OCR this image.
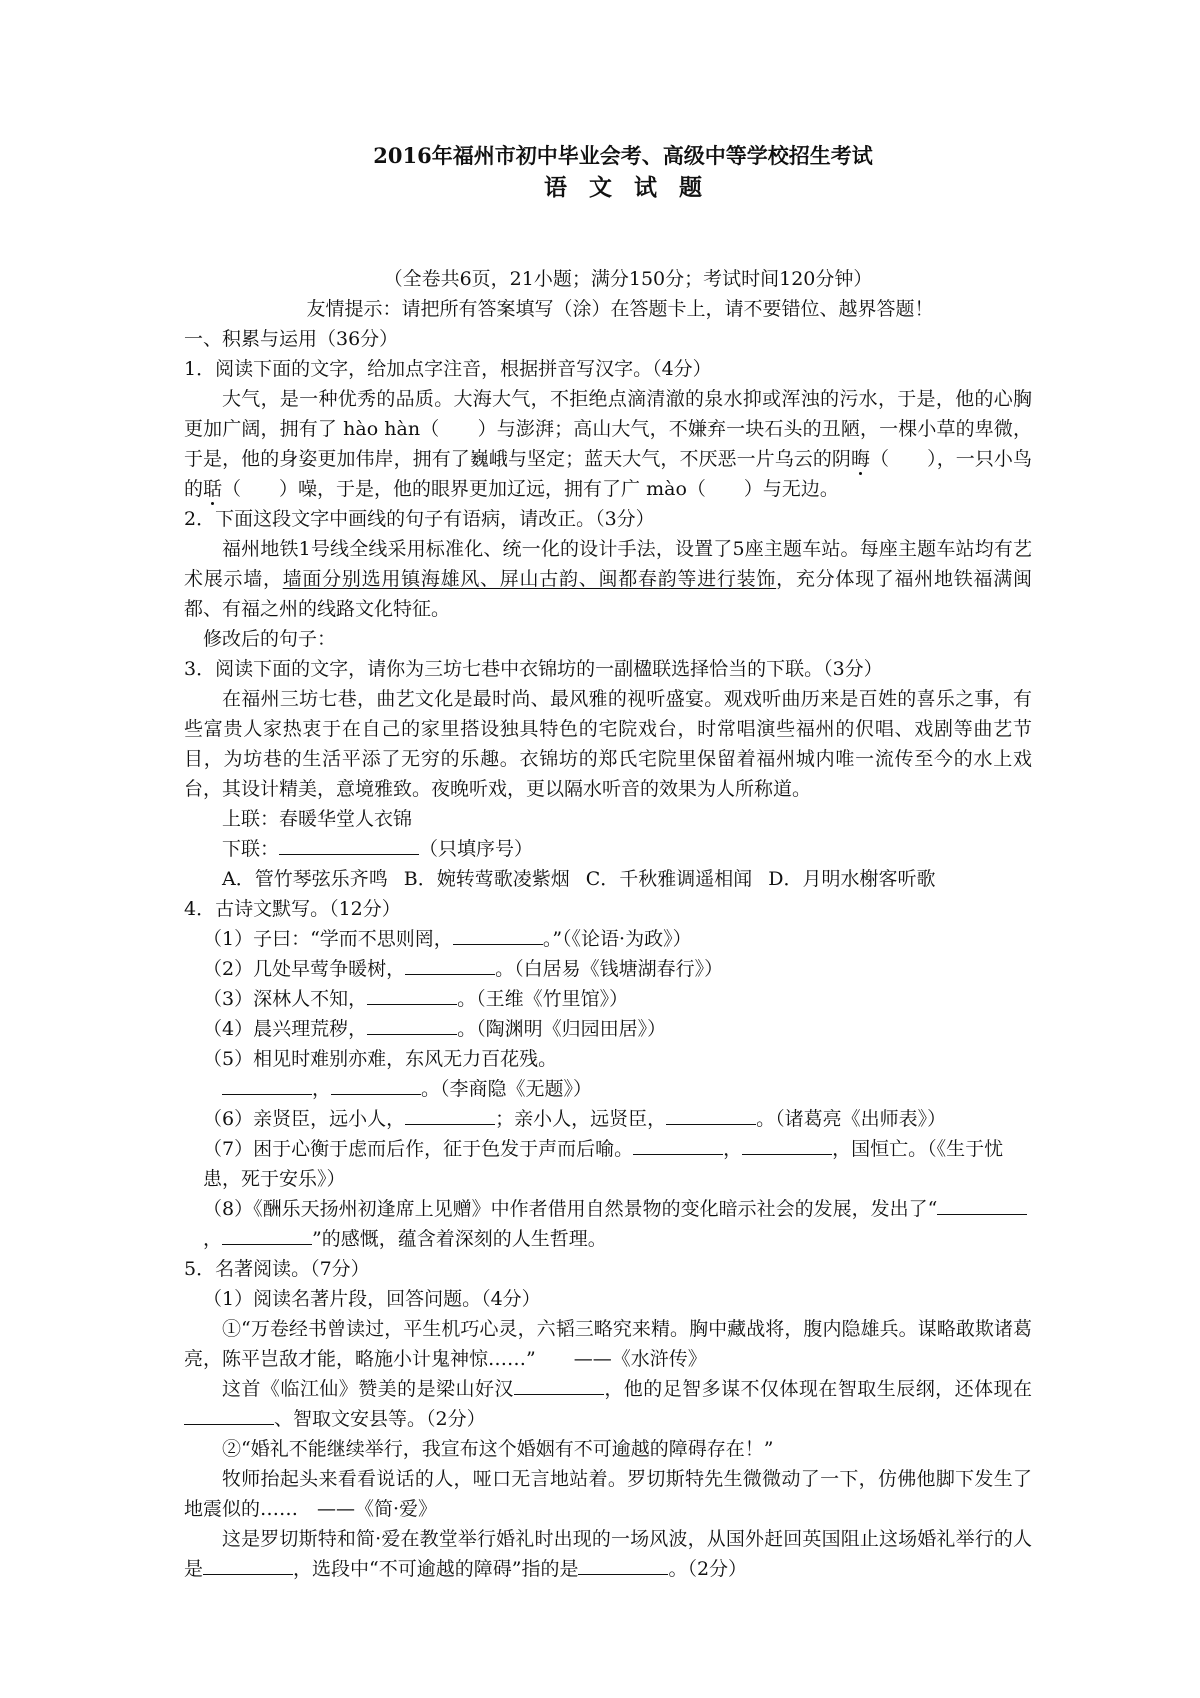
2016年福州市初中毕业会考、高级中等学校招生考试
语文试题
（全卷共6页，21小题；满分150分；考试时间120分钟）
友情提示：请把所有答案填写（涂）在答题卡上，请不要错位、越界答题！
一、积累与运用（36分）
1．阅读下面的文字，给加点字注音，根据拼音写汉字。（4分）
大气，是一种优秀的品质。大海大气，不拒绝点滴清澈的泉水抑或浑浊的污水，于是，他的心胸更加广阔，拥有了 hào hàn（　　）与澎湃；高山大气，不嫌弃一块石头的丑陋，一棵小草的卑微，于是，他的身姿更加伟岸，拥有了巍峨与坚定；蓝天大气，不厌恶一片乌云的阴晦（　　），一只小鸟的聒（　　）噪，于是，他的眼界更加辽远，拥有了广 mào（　　）与无边。
2．下面这段文字中画线的句子有语病，请改正。（3分）
福州地铁1号线全线采用标准化、统一化的设计手法，设置了5座主题车站。每座主题车站均有艺术展示墙，墙面分别选用镇海雄风、屏山古韵、闽都春韵等进行装饰，充分体现了福州地铁福满闽都、有福之州的线路文化特征。
修改后的句子：
3．阅读下面的文字，请你为三坊七巷中衣锦坊的一副楹联选择恰当的下联。（3分）
在福州三坊七巷，曲艺文化是最时尚、最风雅的视听盛宴。观戏听曲历来是百姓的喜乐之事，有些富贵人家热衷于在自己的家里搭设独具特色的宅院戏台，时常唱演些福州的伬唱、戏剧等曲艺节目，为坊巷的生活平添了无穷的乐趣。衣锦坊的郑氏宅院里保留着福州城内唯一流传至今的水上戏台，其设计精美，意境雅致。夜晚听戏，更以隔水听音的效果为人所称道。
上联：春暖华堂人衣锦
下联：	（只填序号）
A．管竹琴弦乐齐鸣 B．婉转莺歌凌紫烟 C．千秋雅调遥相闻 D．月明水榭客听歌
4．古诗文默写。（12分）
（1）子曰：“学而不思则罔，	。”（《论语·为政》）
（2）几处早莺争暖树，	。（白居易《钱塘湖春行》）
（3）深林人不知，	。（王维《竹里馆》）
（4）晨兴理荒秽，	。（陶渊明《归园田居》）
（5）相见时难别亦难，东风无力百花残。
，	。（李商隐《无题》）
（6）亲贤臣，远小人，	；亲小人，远贤臣，	。（诸葛亮《出师表》）
（7）困于心衡于虑而后作，征于色发于声而后喻。	，	，国恒亡。（《生于忧患，死于安乐》）
（8）《酬乐天扬州初逢席上见赠》中作者借用自然景物的变化暗示社会的发展，发出了“，	”的感慨，蕴含着深刻的人生哲理。
5．名著阅读。（7分）
（1）阅读名著片段，回答问题。（4分）
①“万卷经书曾读过，平生机巧心灵，六韬三略究来精。胸中藏战将，腹内隐雄兵。谋略敢欺诸葛亮，陈平岂敌才能，略施小计鬼神惊……”　　——《水浒传》
这首《临江仙》赞美的是梁山好汉	，他的足智多谋不仅体现在智取生辰纲，还体现在、智取文安县等。（2分）
②“婚礼不能继续举行，我宣布这个婚姻有不可逾越的障碍存在！”
牧师抬起头来看看说话的人，哑口无言地站着。罗切斯特先生微微动了一下，仿佛他脚下发生了地震似的……　——《简·爱》
这是罗切斯特和简·爱在教堂举行婚礼时出现的一场风波，从国外赶回英国阻止这场婚礼举行的人是	，选段中“不可逾越的障碍”指的是	。（2分）
